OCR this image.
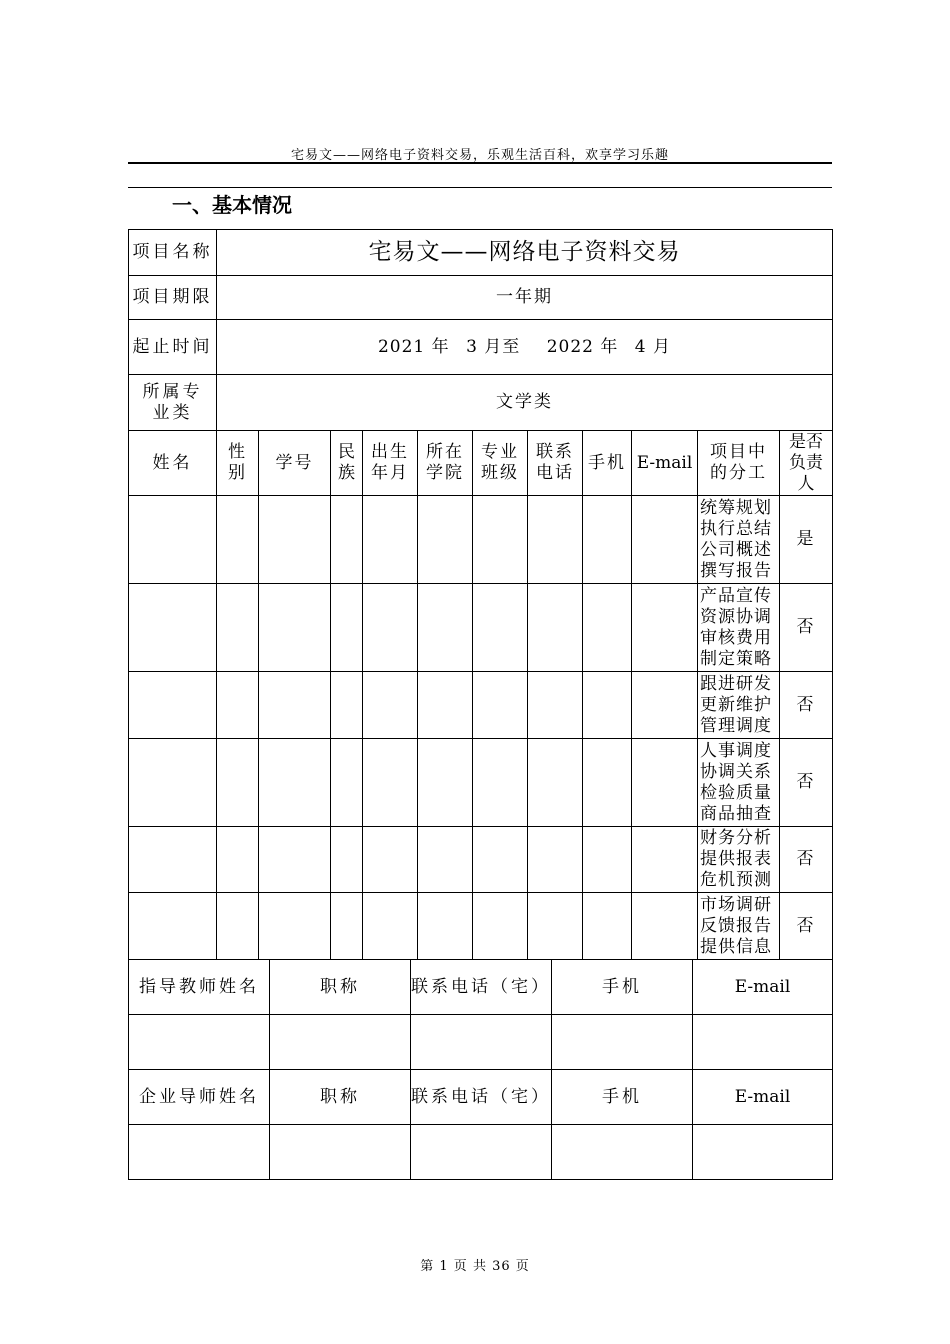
宅易文——网络电子资料交易，乐观生活百科，欢享学习乐趣
一、基本情况
项目名称	宅易文——网络电子资料交易										
项目期限	一年期										
起止时间	2021 年 3 月至 2022 年 4 月										
所属专业类	文学类										
姓名	性别	学号	民族	出生年月	所在学院	专业班级	联系电话	手机	E-mail	项目中的分工	是否负责人

										统筹规划
执行总结
公司概述
撰写报告	是

										产品宣传
资源协调
审核费用
制定策略	否

										跟进研发
更新维护
管理调度	否

										人事调度
协调关系
检验质量
商品抽查	否

										财务分析
提供报表
危机预测	否

										市场调研
反馈报告
提供信息	否
指导教师姓名	职称	联系电话（宅）	手机	E-mail

企业导师姓名	职称	联系电话（宅）	手机	E-mail

第 1 页 共 36 页
